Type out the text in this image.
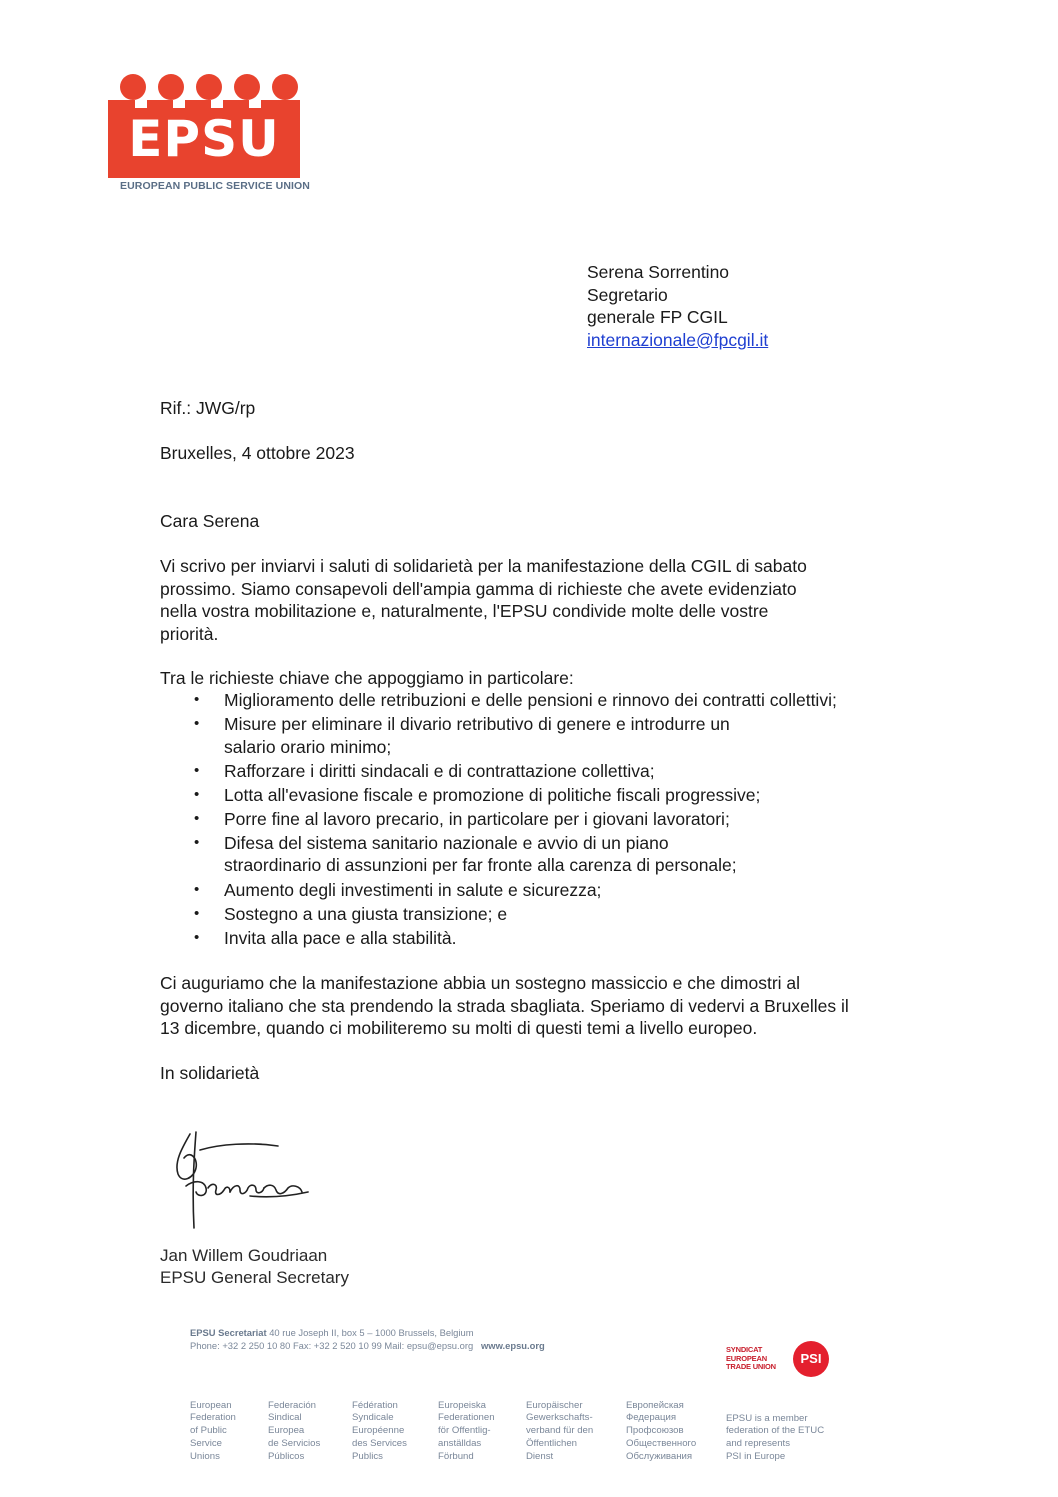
EPSU
EUROPEAN PUBLIC SERVICE UNION
Serena Sorrentino
Segretario
generale FP CGIL
internazionale@fpcgil.it
Rif.: JWG/rp
Bruxelles, 4 ottobre 2023
Cara Serena
Vi scrivo per inviarvi i saluti di solidarietà per la manifestazione della CGIL di sabato
prossimo. Siamo consapevoli dell'ampia gamma di richieste che avete evidenziato
nella vostra mobilitazione e, naturalmente, l'EPSU condivide molte delle vostre
priorità.
Tra le richieste chiave che appoggiamo in particolare:
• Miglioramento delle retribuzioni e delle pensioni e rinnovo dei contratti collettivi;
• Misure per eliminare il divario retributivo di genere e introdurre un
salario orario minimo;
• Rafforzare i diritti sindacali e di contrattazione collettiva;
• Lotta all'evasione fiscale e promozione di politiche fiscali progressive;
• Porre fine al lavoro precario, in particolare per i giovani lavoratori;
• Difesa del sistema sanitario nazionale e avvio di un piano
straordinario di assunzioni per far fronte alla carenza di personale;
• Aumento degli investimenti in salute e sicurezza;
• Sostegno a una giusta transizione; e
• Invita alla pace e alla stabilità.
Ci auguriamo che la manifestazione abbia un sostegno massiccio e che dimostri al
governo italiano che sta prendendo la strada sbagliata. Speriamo di vedervi a Bruxelles il
13 dicembre, quando ci mobiliteremo su molti di questi temi a livello europeo.
In solidarietà
Jan Willem Goudriaan
EPSU General Secretary
EPSU Secretariat 40 rue Joseph II, box 5 – 1000 Brussels, Belgium
Phone: +32 2 250 10 80 Fax: +32 2 520 10 99 Mail: epsu@epsu.org www.epsu.org

European
Federation
of Public
Service
Unions

Federación
Sindical
Europea
de Servicios
Públicos

Fédération
Syndicale
Européenne
des Services
Publics

Europeiska
Federationen
för Offentlig-
anställdas
Förbund

Europäischer
Gewerkschafts-
verband für den
Öffentlichen
Dienst

Европейская
Федерация
Профсоюзов
Общественного
Обслуживания

EPSU is a member
federation of the ETUC
and represents
PSI in Europe

SYNDICAT
EUROPEAN
TRADE UNION
PSI
